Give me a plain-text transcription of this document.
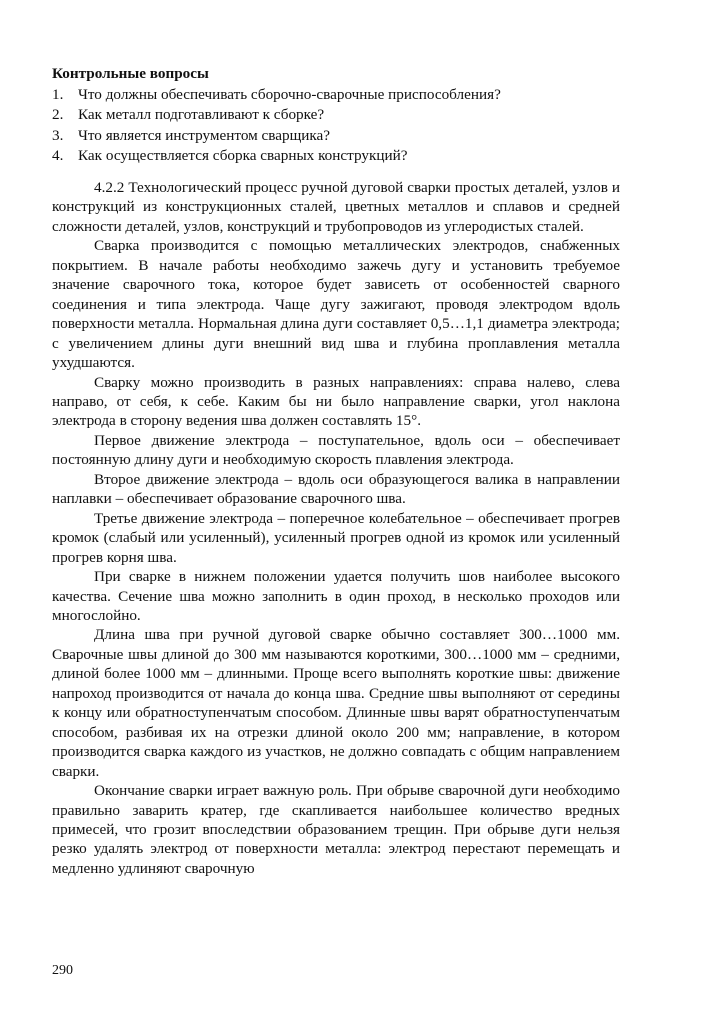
Контрольные вопросы
1. Что должны обеспечивать сборочно-сварочные приспособления?
2. Как металл подготавливают к сборке?
3. Что является инструментом сварщика?
4. Как осуществляется сборка сварных конструкций?

4.2.2 Технологический процесс ручной дуговой сварки простых деталей, узлов и конструкций из конструкционных сталей, цветных металлов и сплавов и средней сложности деталей, узлов, конструкций и трубопроводов из углеродистых сталей.

Сварка производится с помощью металлических электродов, снабженных покрытием. В начале работы необходимо зажечь дугу и установить требуемое значение сварочного тока, которое будет зависеть от особенностей сварного соединения и типа электрода. Чаще дугу зажигают, проводя электродом вдоль поверхности металла. Нормальная длина дуги составляет 0,5…1,1 диаметра электрода; с увеличением длины дуги внешний вид шва и глубина проплавления металла ухудшаются.

Сварку можно производить в разных направлениях: справа налево, слева направо, от себя, к себе. Каким бы ни было направление сварки, угол наклона электрода в сторону ведения шва должен составлять 15°.

Первое движение электрода – поступательное, вдоль оси – обеспечивает постоянную длину дуги и необходимую скорость плавления электрода.

Второе движение электрода – вдоль оси образующегося валика в направлении наплавки – обеспечивает образование сварочного шва.

Третье движение электрода – поперечное колебательное – обеспечивает прогрев кромок (слабый или усиленный), усиленный прогрев одной из кромок или усиленный прогрев корня шва.

При сварке в нижнем положении удается получить шов наиболее высокого качества. Сечение шва можно заполнить в один проход, в несколько проходов или многослойно.

Длина шва при ручной дуговой сварке обычно составляет 300…1000 мм. Сварочные швы длиной до 300 мм называются короткими, 300…1000 мм – средними, длиной более 1000 мм – длинными. Проще всего выполнять короткие швы: движение напроход производится от начала до конца шва. Средние швы выполняют от середины к концу или обратноступенчатым способом. Длинные швы варят обратноступенчатым способом, разбивая их на отрезки длиной около 200 мм; направление, в котором производится сварка каждого из участков, не должно совпадать с общим направлением сварки.

Окончание сварки играет важную роль. При обрыве сварочной дуги необходимо правильно заварить кратер, где скапливается наибольшее количество вредных примесей, что грозит впоследствии образованием трещин. При обрыве дуги нельзя резко удалять электрод от поверхности металла: электрод перестают перемещать и медленно удлиняют сварочную

290
